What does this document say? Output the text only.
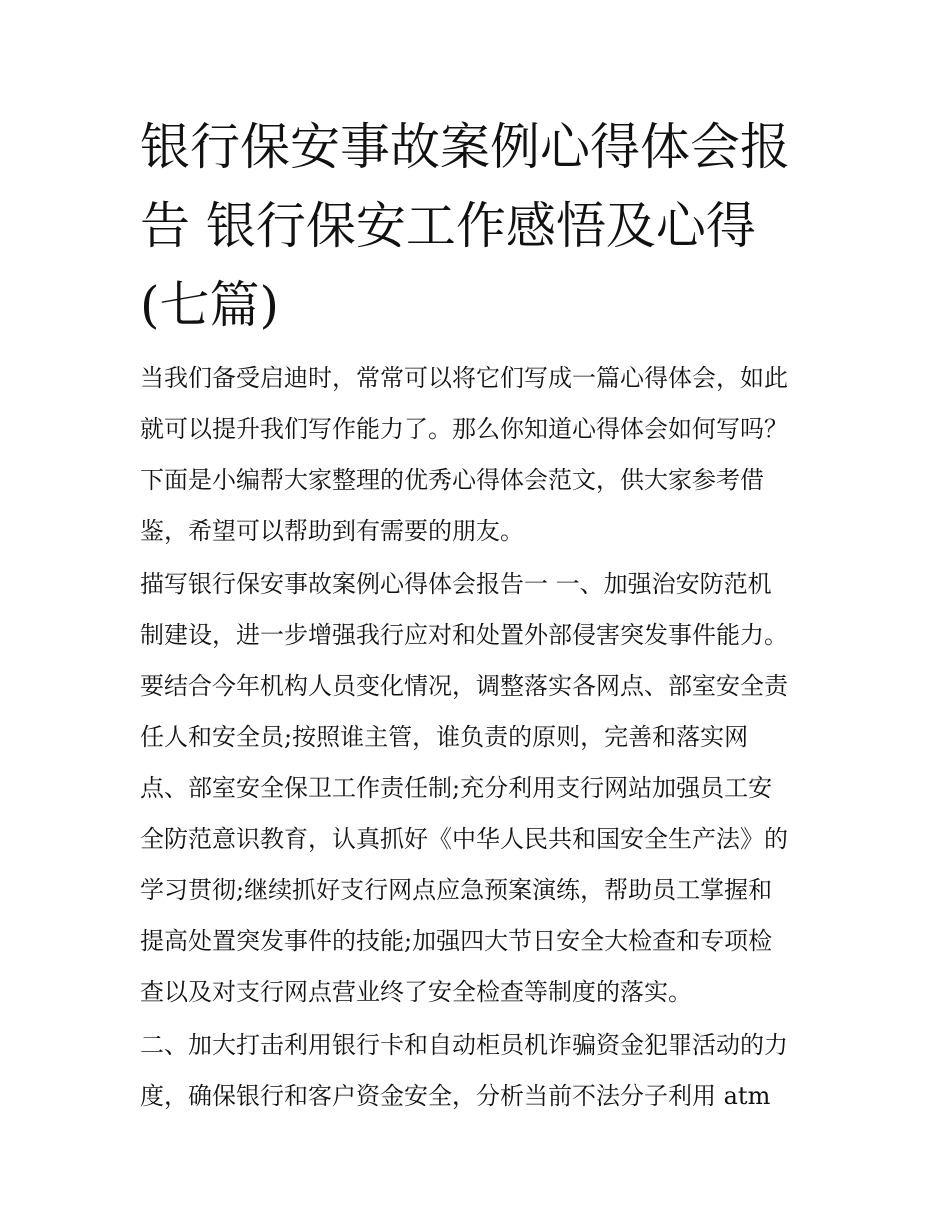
银行保安事故案例心得体会报
告 银行保安工作感悟及心得
(七篇)

当我们备受启迪时，常常可以将它们写成一篇心得体会，如此
就可以提升我们写作能力了。那么你知道心得体会如何写吗？
下面是小编帮大家整理的优秀心得体会范文，供大家参考借
鉴，希望可以帮助到有需要的朋友。

描写银行保安事故案例心得体会报告一 一、加强治安防范机
制建设，进一步增强我行应对和处置外部侵害突发事件能力。
要结合今年机构人员变化情况，调整落实各网点、部室安全责
任人和安全员;按照谁主管，谁负责的原则，完善和落实网
点、部室安全保卫工作责任制;充分利用支行网站加强员工安
全防范意识教育，认真抓好《中华人民共和国安全生产法》的
学习贯彻;继续抓好支行网点应急预案演练，帮助员工掌握和
提高处置突发事件的技能;加强四大节日安全大检查和专项检
查以及对支行网点营业终了安全检查等制度的落实。

二、加大打击利用银行卡和自动柜员机诈骗资金犯罪活动的力
度，确保银行和客户资金安全，分析当前不法分子利用 atm
